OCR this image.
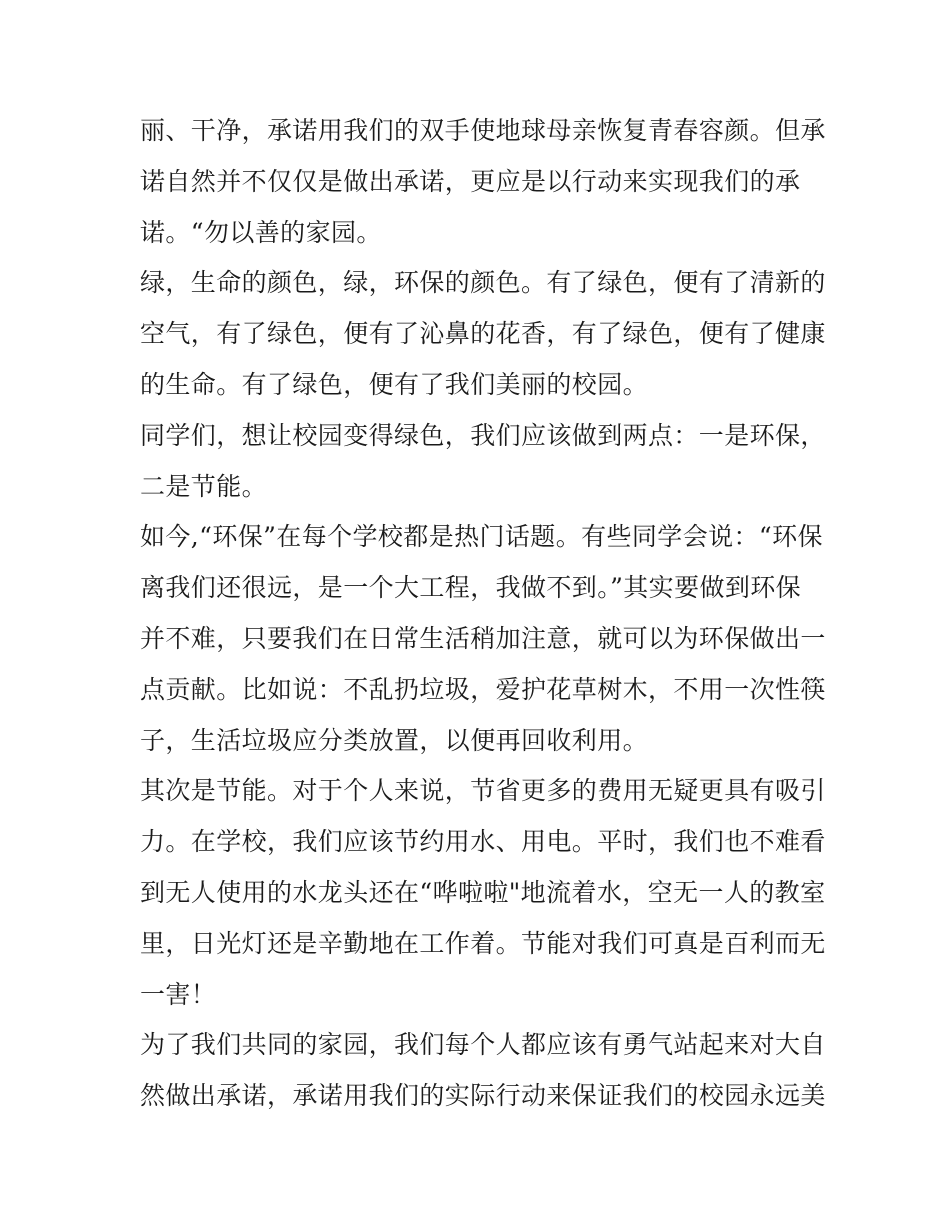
丽、干净，承诺用我们的双手使地球母亲恢复青春容颜。但承
诺自然并不仅仅是做出承诺，更应是以行动来实现我们的承
诺。“勿以善的家园。

绿，生命的颜色，绿，环保的颜色。有了绿色，便有了清新的
空气，有了绿色，便有了沁鼻的花香，有了绿色，便有了健康
的生命。有了绿色，便有了我们美丽的校园。

同学们，想让校园变得绿色，我们应该做到两点：一是环保，
二是节能。

如今,“环保”在每个学校都是热门话题。有些同学会说：“环保
离我们还很远，是一个大工程，我做不到。”其实要做到环保
并不难，只要我们在日常生活稍加注意，就可以为环保做出一
点贡献。比如说：不乱扔垃圾，爱护花草树木，不用一次性筷
子，生活垃圾应分类放置，以便再回收利用。

其次是节能。对于个人来说，节省更多的费用无疑更具有吸引
力。在学校，我们应该节约用水、用电。平时，我们也不难看
到无人使用的水龙头还在“哗啦啦"地流着水，空无一人的教室
里，日光灯还是辛勤地在工作着。节能对我们可真是百利而无
一害！

为了我们共同的家园，我们每个人都应该有勇气站起来对大自
然做出承诺，承诺用我们的实际行动来保证我们的校园永远美
